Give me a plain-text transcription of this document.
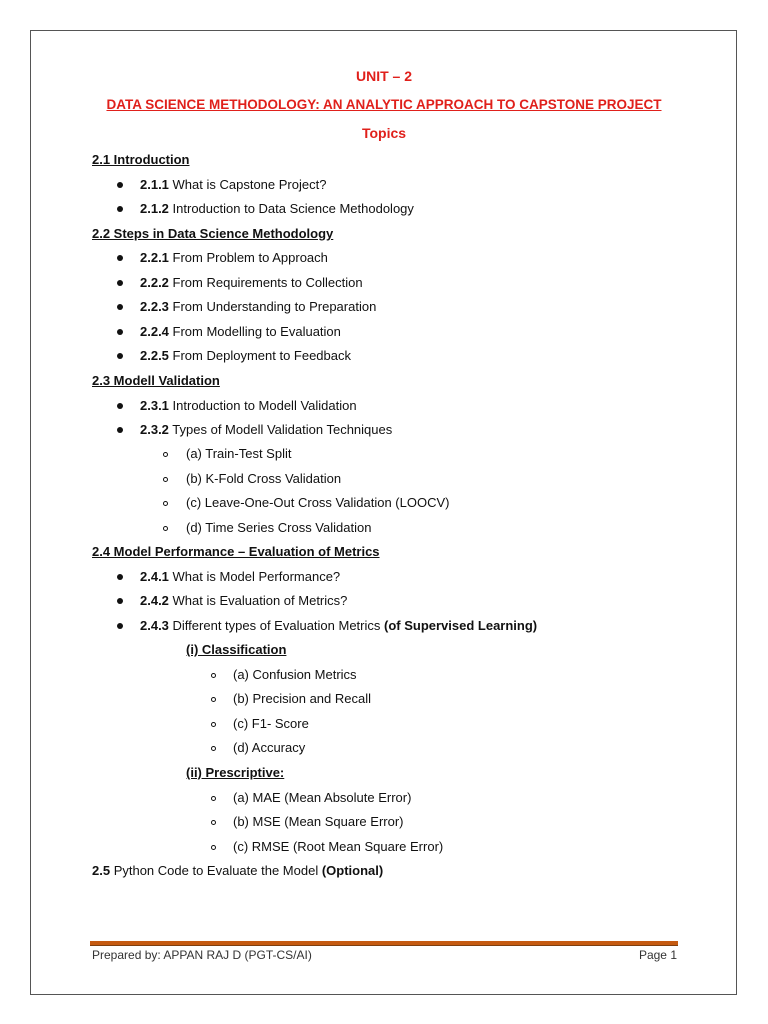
UNIT – 2
DATA SCIENCE METHODOLOGY: AN ANALYTIC APPROACH TO CAPSTONE PROJECT
Topics
2.1 Introduction
2.1.1 What is Capstone Project?
2.1.2 Introduction to Data Science Methodology
2.2 Steps in Data Science Methodology
2.2.1 From Problem to Approach
2.2.2 From Requirements to Collection
2.2.3 From Understanding to Preparation
2.2.4 From Modelling to Evaluation
2.2.5 From Deployment to Feedback
2.3 Modell Validation
2.3.1 Introduction to Modell Validation
2.3.2 Types of Modell Validation Techniques
(a) Train-Test Split
(b) K-Fold Cross Validation
(c) Leave-One-Out Cross Validation (LOOCV)
(d) Time Series Cross Validation
2.4 Model Performance – Evaluation of Metrics
2.4.1 What is Model Performance?
2.4.2 What is Evaluation of Metrics?
2.4.3 Different types of Evaluation Metrics (of Supervised Learning)
(i) Classification
(a) Confusion Metrics
(b) Precision and Recall
(c) F1- Score
(d) Accuracy
(ii) Prescriptive:
(a) MAE (Mean Absolute Error)
(b) MSE (Mean Square Error)
(c) RMSE (Root Mean Square Error)
2.5 Python Code to Evaluate the Model (Optional)
Prepared by: APPAN RAJ D (PGT-CS/AI)	Page 1
